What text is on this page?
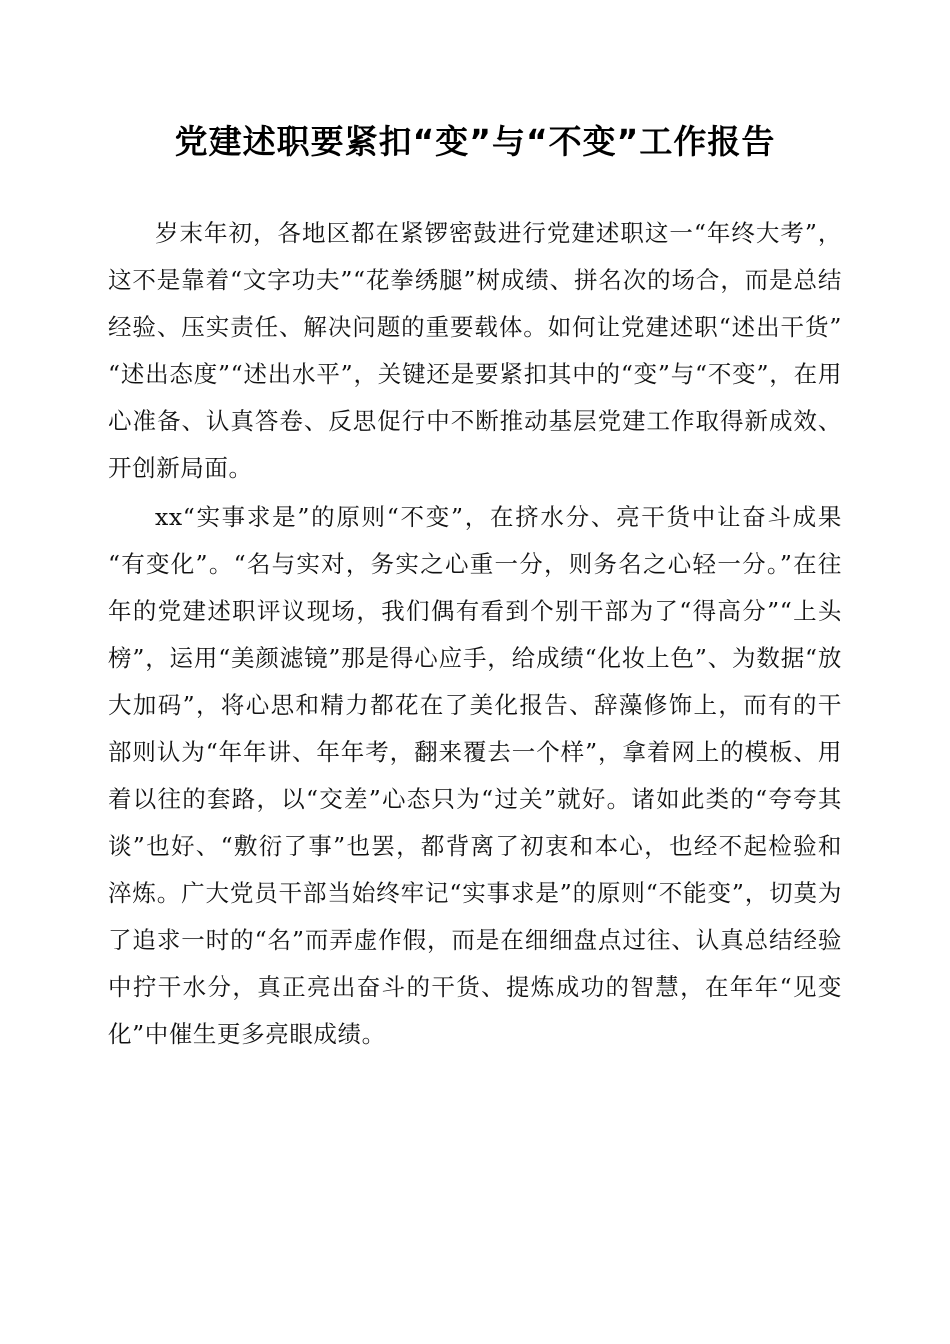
党建述职要紧扣“变”与“不变”工作报告

岁末年初，各地区都在紧锣密鼓进行党建述职这一“年终大考”，这不是靠着“文字功夫”“花拳绣腿”树成绩、拼名次的场合，而是总结经验、压实责任、解决问题的重要载体。如何让党建述职“述出干货”“述出态度”“述出水平”，关键还是要紧扣其中的“变”与“不变”，在用心准备、认真答卷、反思促行中不断推动基层党建工作取得新成效、开创新局面。

xx“实事求是”的原则“不变”，在挤水分、亮干货中让奋斗成果“有变化”。“名与实对，务实之心重一分，则务名之心轻一分。”在往年的党建述职评议现场，我们偶有看到个别干部为了“得高分”“上头榜”，运用“美颜滤镜”那是得心应手，给成绩“化妆上色”、为数据“放大加码”，将心思和精力都花在了美化报告、辞藻修饰上，而有的干部则认为“年年讲、年年考，翻来覆去一个样”，拿着网上的模板、用着以往的套路，以“交差”心态只为“过关”就好。诸如此类的“夸夸其谈”也好、“敷衍了事”也罢，都背离了初衷和本心，也经不起检验和淬炼。广大党员干部当始终牢记“实事求是”的原则“不能变”，切莫为了追求一时的“名”而弄虚作假，而是在细细盘点过往、认真总结经验中拧干水分，真正亮出奋斗的干货、提炼成功的智慧，在年年“见变化”中催生更多亮眼成绩。
